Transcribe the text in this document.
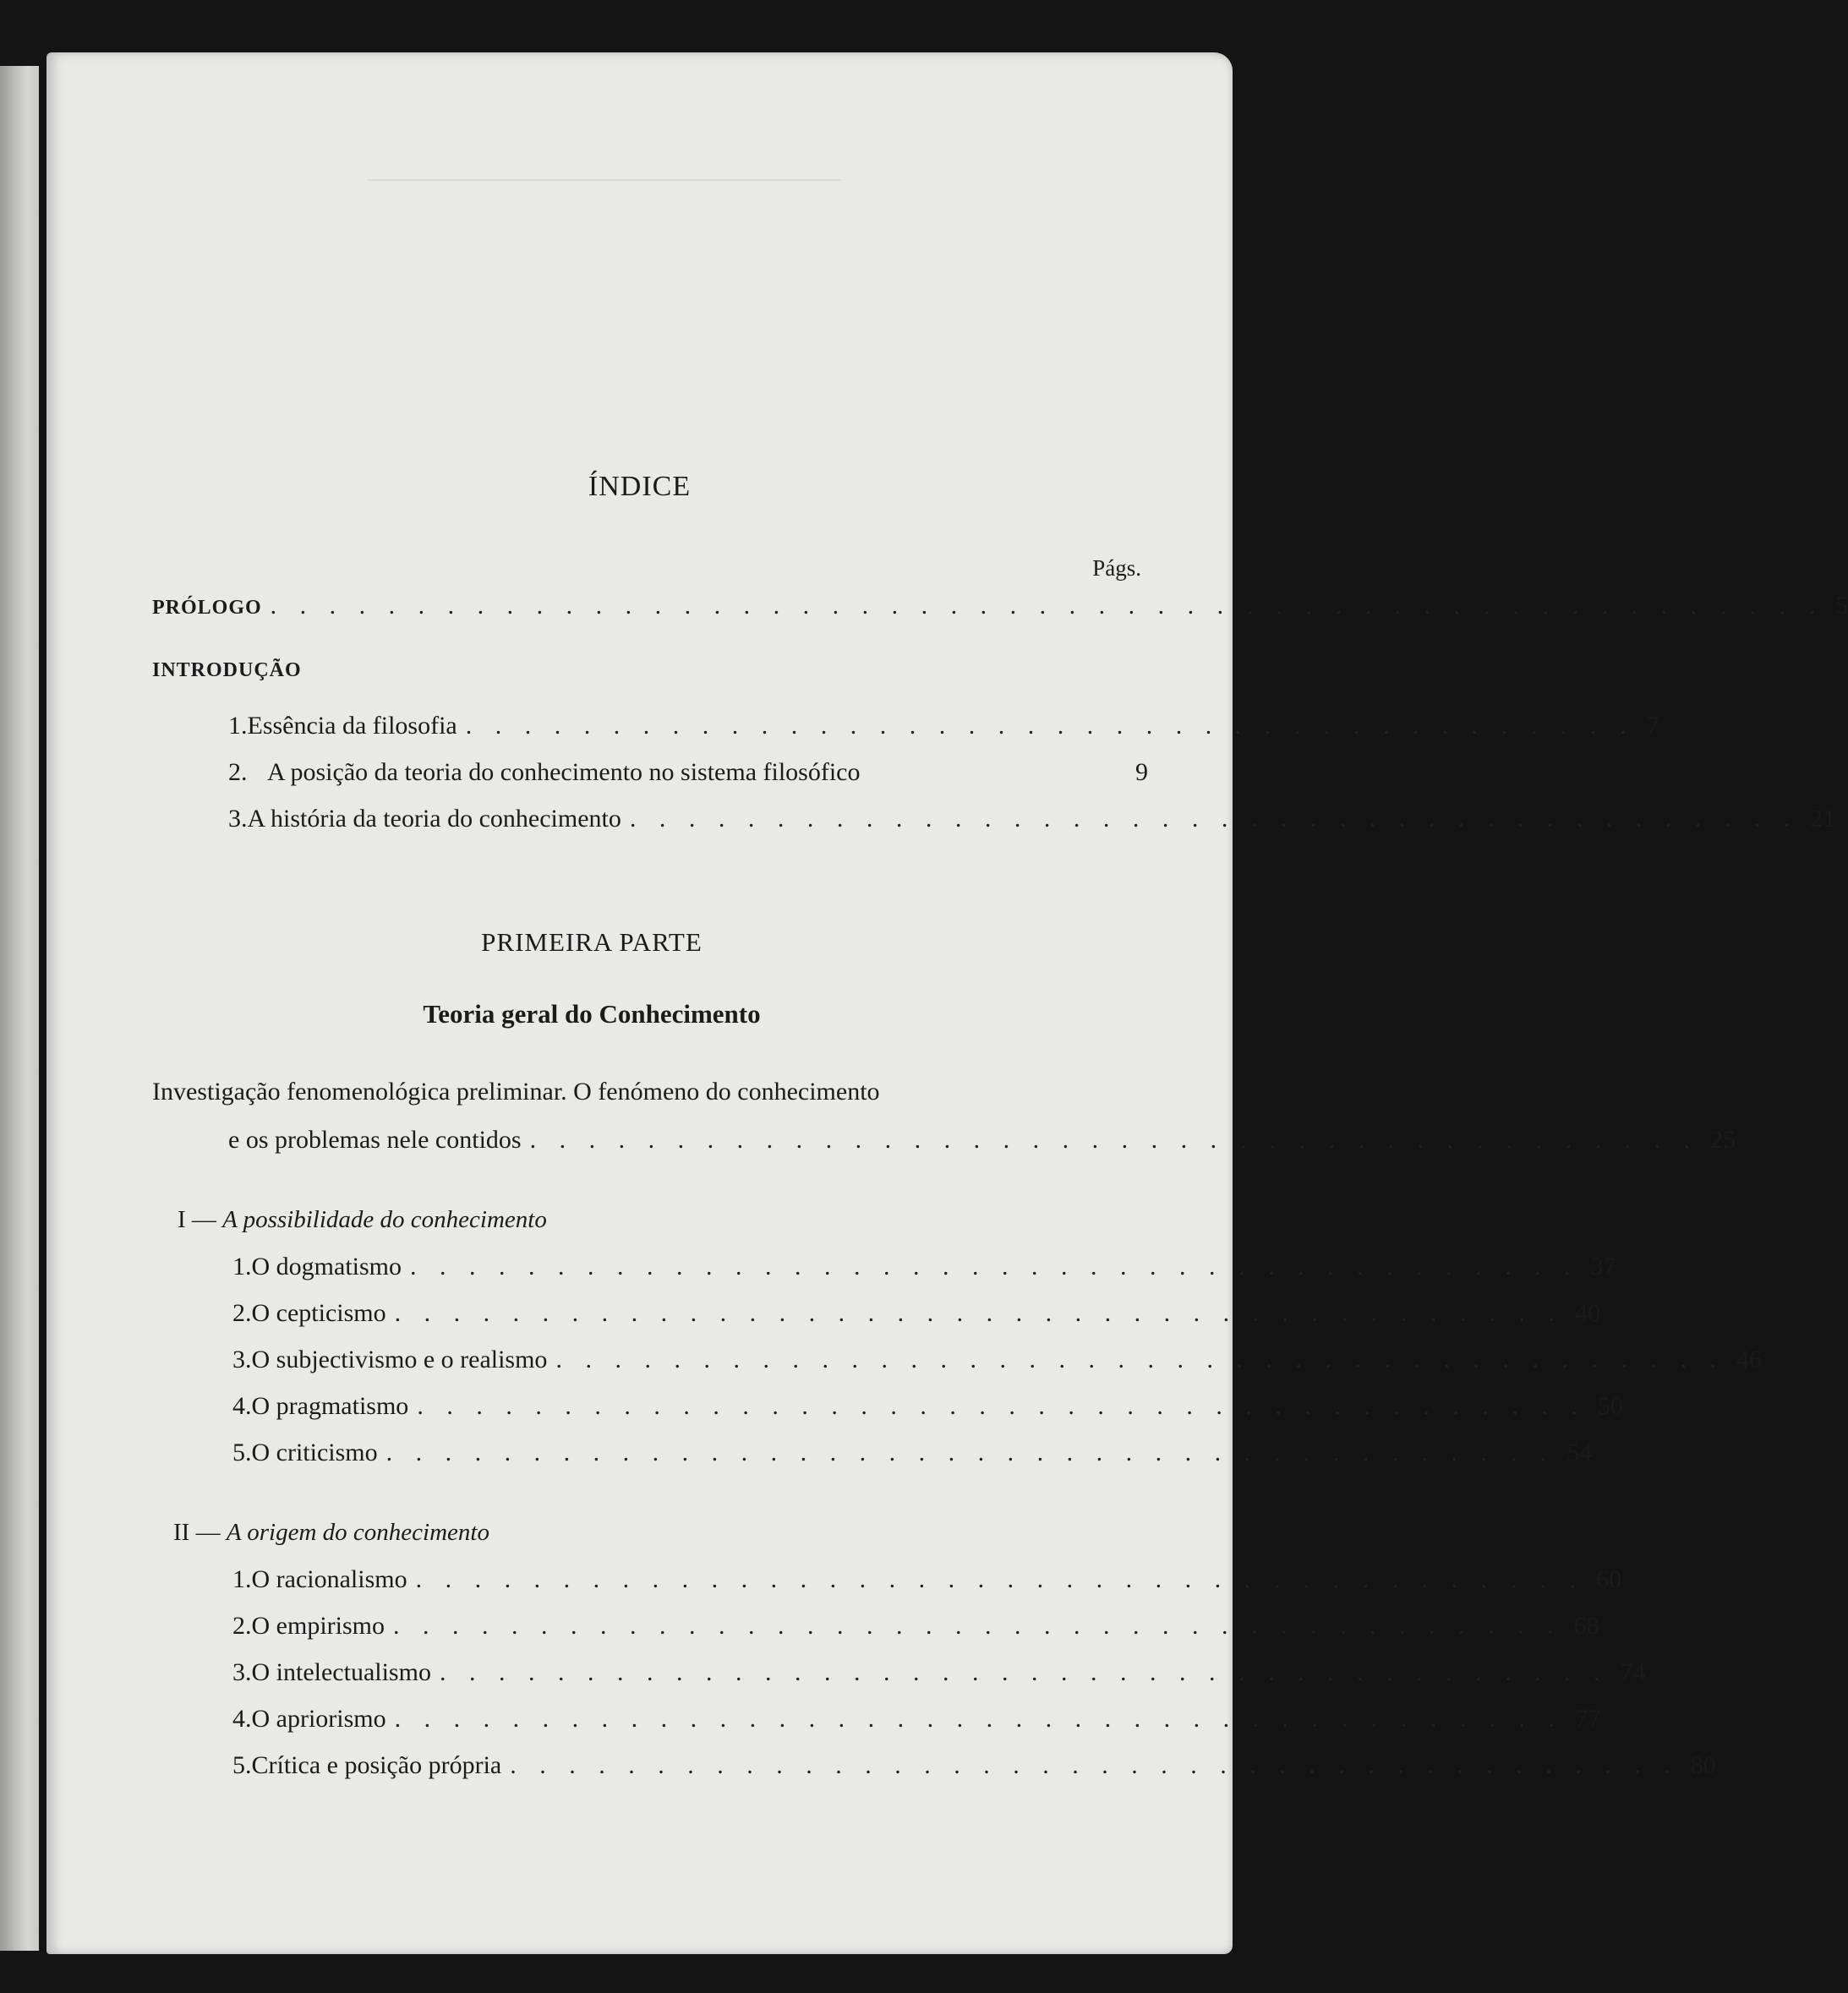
ÍNDICE
Págs.
PRÓLOGO . . . . . . . . . . . . . . . . . . . . . . . . . . . . . . . . . . . . . . . . . . . . . . . . . . . . . 5
INTRODUÇÃO
1. Essência da filosofia . . . . . . . . . . . . . . . . . . . . . . . . . . . . . . . . . . . . . . . . 7
2. A posição da teoria do conhecimento no sistema filosófico	9
3. A história da teoria do conhecimento . . . . . . . . . . . . . . . . . . . . . . . . . . . . . . . . . . . . . . . . 21
PRIMEIRA PARTE
Teoria geral do Conhecimento
Investigação fenomenológica preliminar. O fenómeno do conhecimento
e os problemas nele contidos . . . . . . . . . . . . . . . . . . . . . . . . . . . . . . . . . . . . . . . . 25
I — A possibilidade do conhecimento
1. O dogmatismo . . . . . . . . . . . . . . . . . . . . . . . . . . . . . . . . . . . . . . . . 37
2. O cepticismo . . . . . . . . . . . . . . . . . . . . . . . . . . . . . . . . . . . . . . . . 40
3. O subjectivismo e o realismo . . . . . . . . . . . . . . . . . . . . . . . . . . . . . . . . . . . . . . . . 46
4. O pragmatismo . . . . . . . . . . . . . . . . . . . . . . . . . . . . . . . . . . . . . . . . 50
5. O criticismo . . . . . . . . . . . . . . . . . . . . . . . . . . . . . . . . . . . . . . . . 54
II — A origem do conhecimento
1. O racionalismo . . . . . . . . . . . . . . . . . . . . . . . . . . . . . . . . . . . . . . . . 60
2. O empirismo . . . . . . . . . . . . . . . . . . . . . . . . . . . . . . . . . . . . . . . . 68
3. O intelectualismo . . . . . . . . . . . . . . . . . . . . . . . . . . . . . . . . . . . . . . . . 74
4. O apriorismo . . . . . . . . . . . . . . . . . . . . . . . . . . . . . . . . . . . . . . . . 77
5. Crítica e posição própria . . . . . . . . . . . . . . . . . . . . . . . . . . . . . . . . . . . . . . . . 80
